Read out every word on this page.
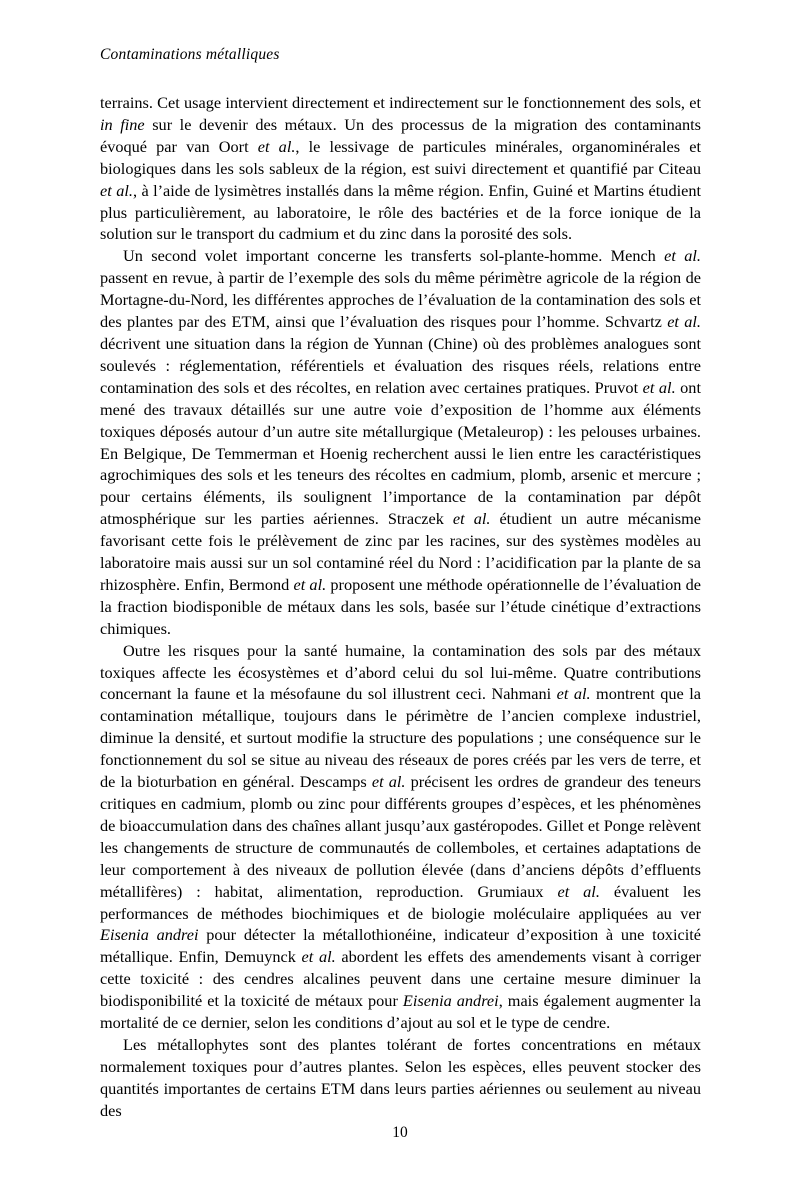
Contaminations métalliques

terrains. Cet usage intervient directement et indirectement sur le fonctionnement des sols, et in fine sur le devenir des métaux. Un des processus de la migration des contaminants évoqué par van Oort et al., le lessivage de particules minérales, organominérales et biologiques dans les sols sableux de la région, est suivi directement et quantifié par Citeau et al., à l’aide de lysimètres installés dans la même région. Enfin, Guiné et Martins étudient plus particulièrement, au laboratoire, le rôle des bactéries et de la force ionique de la solution sur le transport du cadmium et du zinc dans la porosité des sols.

Un second volet important concerne les transferts sol-plante-homme. Mench et al. passent en revue, à partir de l’exemple des sols du même périmètre agricole de la région de Mortagne-du-Nord, les différentes approches de l’évaluation de la contamination des sols et des plantes par des ETM, ainsi que l’évaluation des risques pour l’homme. Schvartz et al. décrivent une situation dans la région de Yunnan (Chine) où des problèmes analogues sont soulevés : réglementation, référentiels et évaluation des risques réels, relations entre contamination des sols et des récoltes, en relation avec certaines pratiques. Pruvot et al. ont mené des travaux détaillés sur une autre voie d’exposition de l’homme aux éléments toxiques déposés autour d’un autre site métallurgique (Metaleurop) : les pelouses urbaines. En Belgique, De Temmerman et Hoenig recherchent aussi le lien entre les caractéristiques agrochimiques des sols et les teneurs des récoltes en cadmium, plomb, arsenic et mercure ; pour certains éléments, ils soulignent l’importance de la contamination par dépôt atmosphérique sur les parties aériennes. Straczek et al. étudient un autre mécanisme favorisant cette fois le prélèvement de zinc par les racines, sur des systèmes modèles au laboratoire mais aussi sur un sol contaminé réel du Nord : l’acidification par la plante de sa rhizosphère. Enfin, Bermond et al. proposent une méthode opérationnelle de l’évaluation de la fraction biodisponible de métaux dans les sols, basée sur l’étude cinétique d’extractions chimiques.

Outre les risques pour la santé humaine, la contamination des sols par des métaux toxiques affecte les écosystèmes et d’abord celui du sol lui-même. Quatre contributions concernant la faune et la mésofaune du sol illustrent ceci. Nahmani et al. montrent que la contamination métallique, toujours dans le périmètre de l’ancien complexe industriel, diminue la densité, et surtout modifie la structure des populations ; une conséquence sur le fonctionnement du sol se situe au niveau des réseaux de pores créés par les vers de terre, et de la bioturbation en général. Descamps et al. précisent les ordres de grandeur des teneurs critiques en cadmium, plomb ou zinc pour différents groupes d’espèces, et les phénomènes de bioaccumulation dans des chaînes allant jusqu’aux gastéropodes. Gillet et Ponge relèvent les changements de structure de communautés de collemboles, et certaines adaptations de leur comportement à des niveaux de pollution élevée (dans d’anciens dépôts d’effluents métallifères) : habitat, alimentation, reproduction. Grumiaux et al. évaluent les performances de méthodes biochimiques et de biologie moléculaire appliquées au ver Eisenia andrei pour détecter la métallothionéine, indicateur d’exposition à une toxicité métallique. Enfin, Demuynck et al. abordent les effets des amendements visant à corriger cette toxicité : des cendres alcalines peuvent dans une certaine mesure diminuer la biodisponibilité et la toxicité de métaux pour Eisenia andrei, mais également augmenter la mortalité de ce dernier, selon les conditions d’ajout au sol et le type de cendre.

Les métallophytes sont des plantes tolérant de fortes concentrations en métaux normalement toxiques pour d’autres plantes. Selon les espèces, elles peuvent stocker des quantités importantes de certains ETM dans leurs parties aériennes ou seulement au niveau des

10
